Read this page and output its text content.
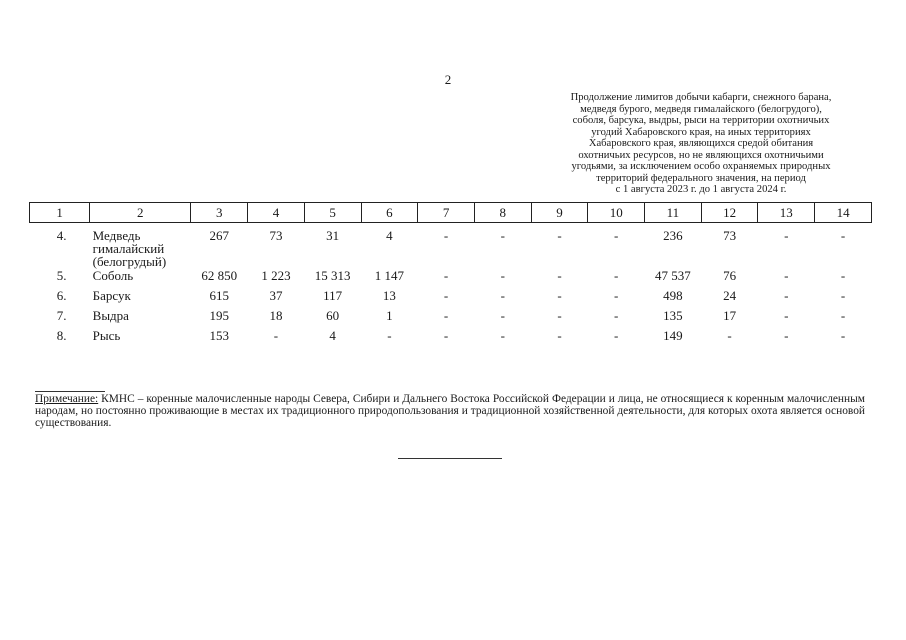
2
Продолжение лимитов добычи кабарги, снежного барана,
медведя бурого, медведя гималайского (белогрудого),
соболя, барсука, выдры, рыси на территории охотничьих
угодий Хабаровского края, на иных территориях
Хабаровского края, являющихся средой обитания
охотничьих ресурсов, но не являющихся охотничьими
угодьями, за исключением особо охраняемых природных
территорий федерального значения, на период
с 1 августа 2023 г. до 1 августа 2024 г.
1	2	3	4	5	6	7	8	9	10	11	12	13	14
4.	Медведь
гималайский
(белогрудый)	267	73	31	4	-	-	-	-	236	73	-	-
5.	Соболь	62 850	1 223	15 313	1 147	-	-	-	-	47 537	76	-	-
6.	Барсук	615	37	117	13	-	-	-	-	498	24	-	-
7.	Выдра	195	18	60	1	-	-	-	-	135	17	-	-
8.	Рысь	153	-	4	-	-	-	-	-	149	-	-	-
Примечание: КМНС – коренные малочисленные народы Севера, Сибири и Дальнего Востока Российской Федерации и лица, не относящиеся к коренным малочисленным народам, но постоянно проживающие в местах их традиционного природопользования и традиционной хозяйственной деятельности, для которых охота является основой существования.
